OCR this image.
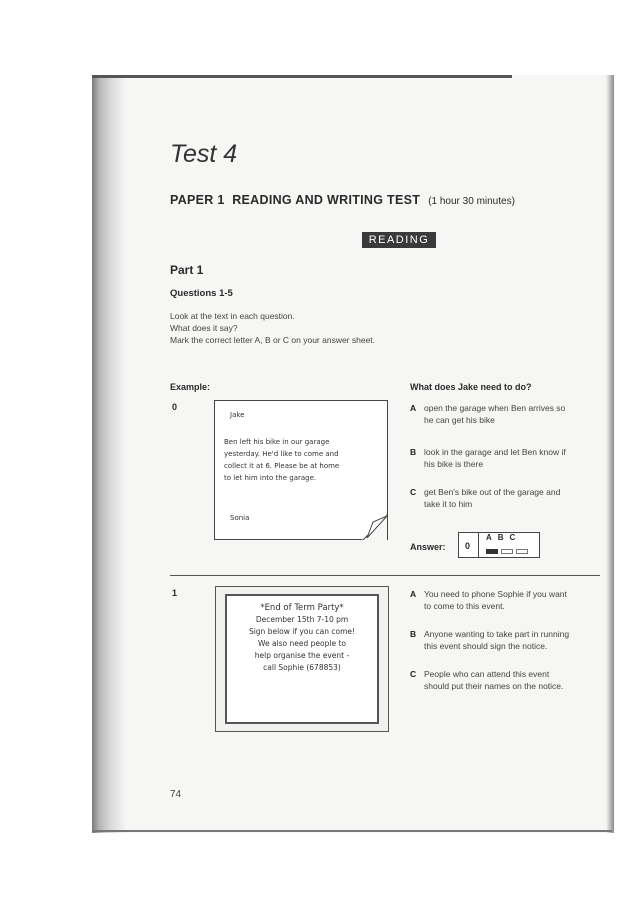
Test 4
PAPER 1  READING AND WRITING TEST (1 hour 30 minutes)
READING
Part 1
Questions 1-5
Look at the text in each question.
What does it say?
Mark the correct letter A, B or C on your answer sheet.
Example:
0
Jake
Ben left his bike in our garage
yesterday. He'd like to come and
collect it at 6. Please be at home
to let him into the garage.
Sonia
What does Jake need to do?
A open the garage when Ben arrives so
he can get his bike
B look in the garage and let Ben know if
his bike is there
C get Ben's bike out of the garage and
take it to him
Answer: 0
ABC
1
*End of Term Party*
December 15th 7-10 pm
Sign below if you can come!
We also need people to
help organise the event -
call Sophie (678853)
A You need to phone Sophie if you want
to come to this event.
B Anyone wanting to take part in running
this event should sign the notice.
C People who can attend this event
should put their names on the notice.
74
